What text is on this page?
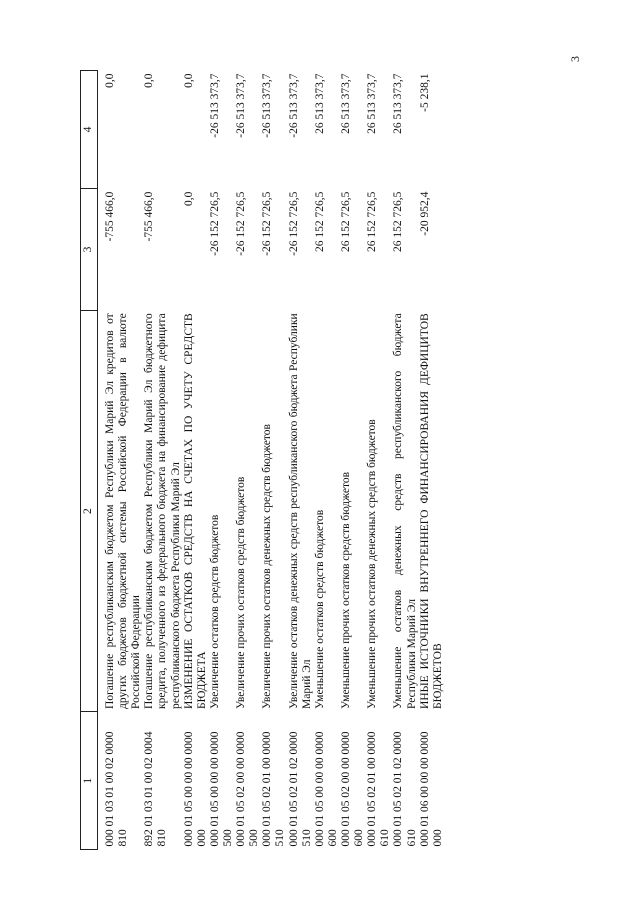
3
1	2	3	4
000 01 03 01 00 02 0000 810	Погашение республиканским бюджетом Республики Марий Эл кредитов от других бюджетов бюджетной системы Российской Федерации в валюте Российской Федерации	-755 466,0	0,0
892 01 03 01 00 02 0004 810	Погашение республиканским бюджетом Республики Марий Эл бюджетного кредита, полученного из федерального бюджета на финансирование дефицита республиканского бюджета Республики Марий Эл	-755 466,0	0,0
000 01 05 00 00 00 0000 000	ИЗМЕНЕНИЕ ОСТАТКОВ СРЕДСТВ НА СЧЕТАХ ПО УЧЕТУ СРЕДСТВ БЮДЖЕТА	0,0	0,0
000 01 05 00 00 00 0000 500	Увеличение остатков средств бюджетов	-26 152 726,5	-26 513 373,7
000 01 05 02 00 00 0000 500	Увеличение прочих остатков средств бюджетов	-26 152 726,5	-26 513 373,7
000 01 05 02 01 00 0000 510	Увеличение прочих остатков денежных средств бюджетов	-26 152 726,5	-26 513 373,7
000 01 05 02 01 02 0000 510	Увеличение остатков денежных средств республиканского бюджета Республики Марий Эл	-26 152 726,5	-26 513 373,7
000 01 05 00 00 00 0000 600	Уменьшение остатков средств бюджетов	26 152 726,5	26 513 373,7
000 01 05 02 00 00 0000 600	Уменьшение прочих остатков средств бюджетов	26 152 726,5	26 513 373,7
000 01 05 02 01 00 0000 610	Уменьшение прочих остатков денежных средств бюджетов	26 152 726,5	26 513 373,7
000 01 05 02 01 02 0000 610	Уменьшение остатков денежных средств республиканского бюджета Республики Марий Эл	26 152 726,5	26 513 373,7
000 01 06 00 00 00 0000 000	ИНЫЕ ИСТОЧНИКИ ВНУТРЕННЕГО ФИНАНСИРОВАНИЯ ДЕФИЦИТОВ БЮДЖЕТОВ	-20 952,4	-5 238,1
